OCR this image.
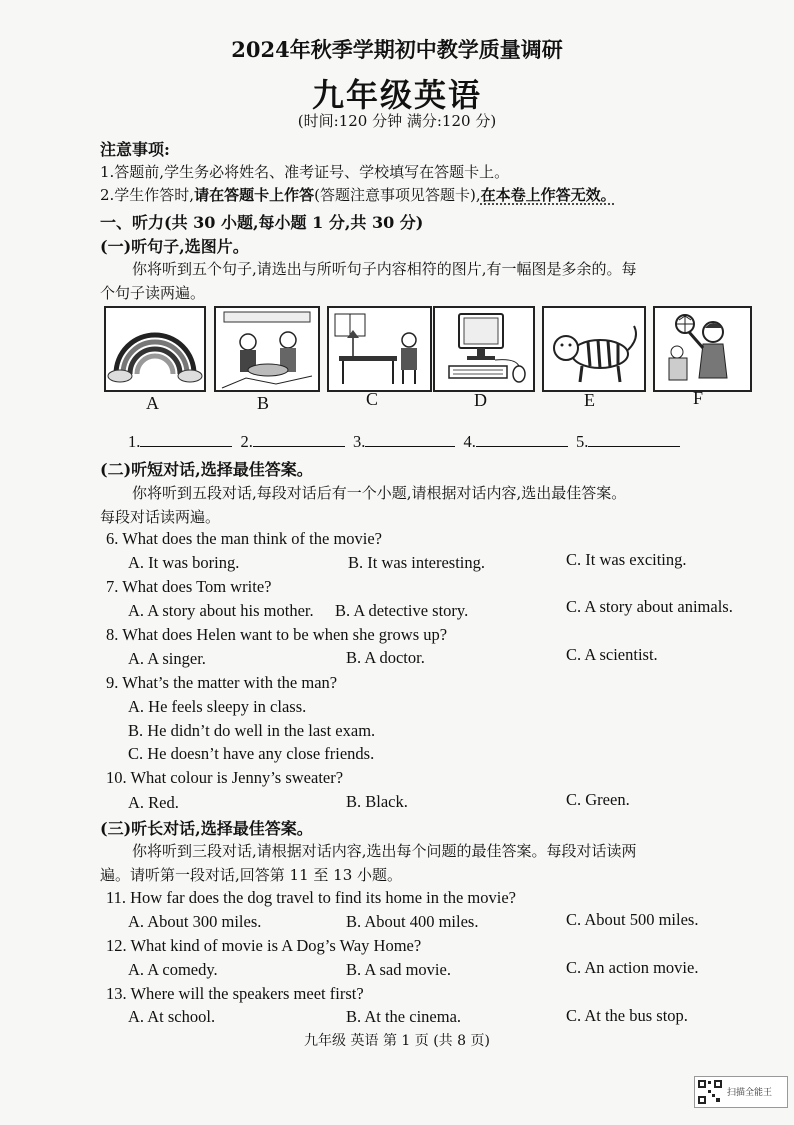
2024年秋季学期初中教学质量调研
九年级英语
(时间:120 分钟 满分:120 分)
注意事项:
1.答题前,学生务必将姓名、准考证号、学校填写在答题卡上。
2.学生作答时,请在答题卡上作答(答题注意事项见答题卡),在本卷上作答无效。
一、听力(共 30 小题,每小题 1 分,共 30 分)
(一)听句子,选图片。
你将听到五个句子,请选出与所听句子内容相符的图片,有一幅图是多余的。每
个句子读两遍。
A	B	C	D	E	F
1.	2.	3.	4.	5.
(二)听短对话,选择最佳答案。
你将听到五段对话,每段对话后有一个小题,请根据对话内容,选出最佳答案。
每段对话读两遍。
6. What does the man think of the movie?
A. It was boring.	B. It was interesting.	C. It was exciting.
7. What does Tom write?
A. A story about his mother. B. A detective story.	C. A story about animals.
8. What does Helen want to be when she grows up?
A. A singer.	B. A doctor.	C. A scientist.
9. What’s the matter with the man?
A. He feels sleepy in class.
B. He didn’t do well in the last exam.
C. He doesn’t have any close friends.
10. What colour is Jenny’s sweater?
A. Red.	B. Black.	C. Green.
(三)听长对话,选择最佳答案。
你将听到三段对话,请根据对话内容,选出每个问题的最佳答案。每段对话读两
遍。请听第一段对话,回答第 11 至 13 小题。
11. How far does the dog travel to find its home in the movie?
A. About 300 miles.	B. About 400 miles.	C. About 500 miles.
12. What kind of movie is A Dog’s Way Home?
A. A comedy.	B. A sad movie.	C. An action movie.
13. Where will the speakers meet first?
A. At school.	B. At the cinema.	C. At the bus stop.
九年级 英语 第 1 页 (共 8 页)
扫描全能王
